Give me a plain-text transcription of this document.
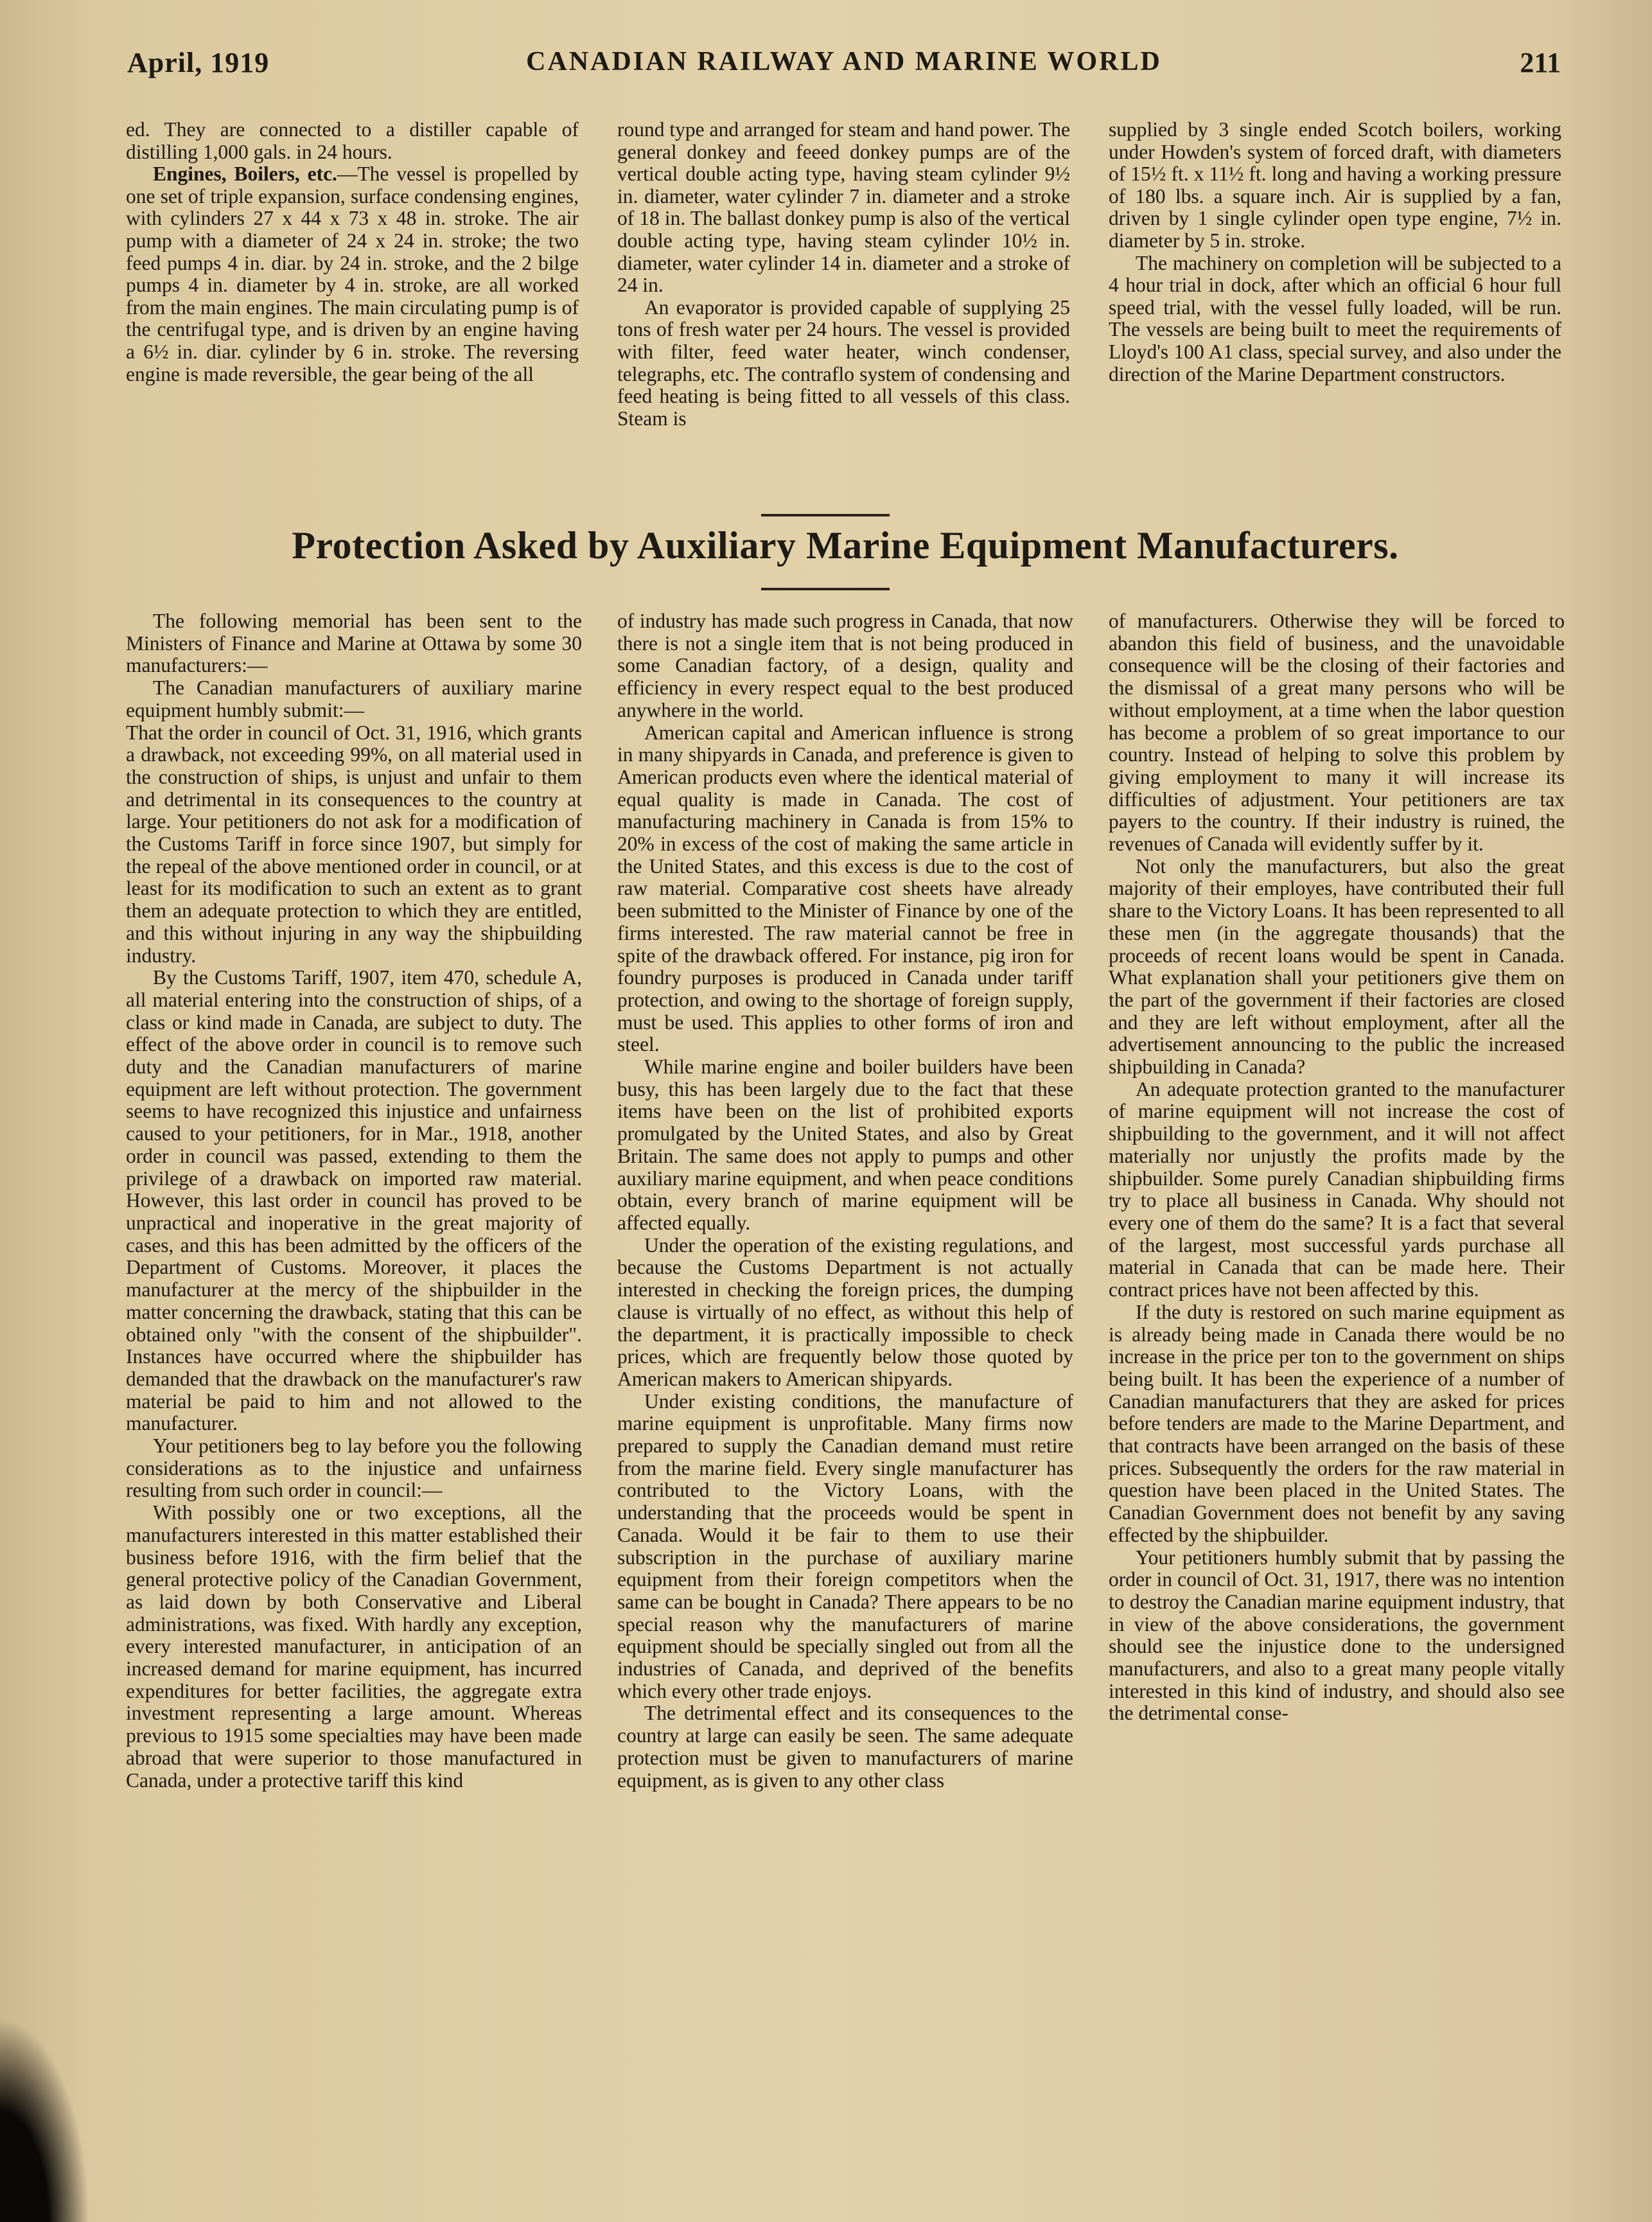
April, 1919	CANADIAN RAILWAY AND MARINE WORLD	211

ed. They are connected to a distiller capable of distilling 1,000 gals. in 24 hours.

Engines, Boilers, etc.—The vessel is propelled by one set of triple expansion, surface condensing engines, with cylinders 27 x 44 x 73 x 48 in. stroke. The air pump with a diameter of 24 x 24 in. stroke; the two feed pumps 4 in. diar. by 24 in. stroke, and the 2 bilge pumps 4 in. diameter by 4 in. stroke, are all worked from the main engines. The main circulating pump is of the centrifugal type, and is driven by an engine having a 6½ in. diar. cylinder by 6 in. stroke. The reversing engine is made reversible, the gear being of the all

round type and arranged for steam and hand power. The general donkey and feeed donkey pumps are of the vertical double acting type, having steam cylinder 9½ in. diameter, water cylinder 7 in. diameter and a stroke of 18 in. The ballast donkey pump is also of the vertical double acting type, having steam cylinder 10½ in. diameter, water cylinder 14 in. diameter and a stroke of 24 in.

An evaporator is provided capable of supplying 25 tons of fresh water per 24 hours. The vessel is provided with filter, feed water heater, winch condenser, telegraphs, etc. The contraflo system of condensing and feed heating is being fitted to all vessels of this class. Steam is

supplied by 3 single ended Scotch boilers, working under Howden's system of forced draft, with diameters of 15½ ft. x 11½ ft. long and having a working pressure of 180 lbs. a square inch. Air is supplied by a fan, driven by 1 single cylinder open type engine, 7½ in. diameter by 5 in. stroke.

The machinery on completion will be subjected to a 4 hour trial in dock, after which an official 6 hour full speed trial, with the vessel fully loaded, will be run. The vessels are being built to meet the requirements of Lloyd's 100 A1 class, special survey, and also under the direction of the Marine Department constructors.

Protection Asked by Auxiliary Marine Equipment Manufacturers.

The following memorial has been sent to the Ministers of Finance and Marine at Ottawa by some 30 manufacturers:—

The Canadian manufacturers of auxiliary marine equipment humbly submit:—

That the order in council of Oct. 31, 1916, which grants a drawback, not exceeding 99%, on all material used in the construction of ships, is unjust and unfair to them and detrimental in its consequences to the country at large. Your petitioners do not ask for a modification of the Customs Tariff in force since 1907, but simply for the repeal of the above mentioned order in council, or at least for its modification to such an extent as to grant them an adequate protection to which they are entitled, and this without injuring in any way the shipbuilding industry.

By the Customs Tariff, 1907, item 470, schedule A, all material entering into the construction of ships, of a class or kind made in Canada, are subject to duty. The effect of the above order in council is to remove such duty and the Canadian manufacturers of marine equipment are left without protection. The government seems to have recognized this injustice and unfairness caused to your petitioners, for in Mar., 1918, another order in council was passed, extending to them the privilege of a drawback on imported raw material. However, this last order in council has proved to be unpractical and inoperative in the great majority of cases, and this has been admitted by the officers of the Department of Customs. Moreover, it places the manufacturer at the mercy of the shipbuilder in the matter concerning the drawback, stating that this can be obtained only "with the consent of the shipbuilder". Instances have occurred where the shipbuilder has demanded that the drawback on the manufacturer's raw material be paid to him and not allowed to the manufacturer.

Your petitioners beg to lay before you the following considerations as to the injustice and unfairness resulting from such order in council:—

With possibly one or two exceptions, all the manufacturers interested in this matter established their business before 1916, with the firm belief that the general protective policy of the Canadian Government, as laid down by both Conservative and Liberal administrations, was fixed. With hardly any exception, every interested manufacturer, in anticipation of an increased demand for marine equipment, has incurred expenditures for better facilities, the aggregate extra investment representing a large amount. Whereas previous to 1915 some specialties may have been made abroad that were superior to those manufactured in Canada, under a protective tariff this kind

of industry has made such progress in Canada, that now there is not a single item that is not being produced in some Canadian factory, of a design, quality and efficiency in every respect equal to the best produced anywhere in the world.

American capital and American influence is strong in many shipyards in Canada, and preference is given to American products even where the identical material of equal quality is made in Canada. The cost of manufacturing machinery in Canada is from 15% to 20% in excess of the cost of making the same article in the United States, and this excess is due to the cost of raw material. Comparative cost sheets have already been submitted to the Minister of Finance by one of the firms interested. The raw material cannot be free in spite of the drawback offered. For instance, pig iron for foundry purposes is produced in Canada under tariff protection, and owing to the shortage of foreign supply, must be used. This applies to other forms of iron and steel.

While marine engine and boiler builders have been busy, this has been largely due to the fact that these items have been on the list of prohibited exports promulgated by the United States, and also by Great Britain. The same does not apply to pumps and other auxiliary marine equipment, and when peace conditions obtain, every branch of marine equipment will be affected equally.

Under the operation of the existing regulations, and because the Customs Department is not actually interested in checking the foreign prices, the dumping clause is virtually of no effect, as without this help of the department, it is practically impossible to check prices, which are frequently below those quoted by American makers to American shipyards.

Under existing conditions, the manufacture of marine equipment is unprofitable. Many firms now prepared to supply the Canadian demand must retire from the marine field. Every single manufacturer has contributed to the Victory Loans, with the understanding that the proceeds would be spent in Canada. Would it be fair to them to use their subscription in the purchase of auxiliary marine equipment from their foreign competitors when the same can be bought in Canada? There appears to be no special reason why the manufacturers of marine equipment should be specially singled out from all the industries of Canada, and deprived of the benefits which every other trade enjoys.

The detrimental effect and its consequences to the country at large can easily be seen. The same adequate protection must be given to manufacturers of marine equipment, as is given to any other class

of manufacturers. Otherwise they will be forced to abandon this field of business, and the unavoidable consequence will be the closing of their factories and the dismissal of a great many persons who will be without employment, at a time when the labor question has become a problem of so great importance to our country. Instead of helping to solve this problem by giving employment to many it will increase its difficulties of adjustment. Your petitioners are tax payers to the country. If their industry is ruined, the revenues of Canada will evidently suffer by it.

Not only the manufacturers, but also the great majority of their employes, have contributed their full share to the Victory Loans. It has been represented to all these men (in the aggregate thousands) that the proceeds of recent loans would be spent in Canada. What explanation shall your petitioners give them on the part of the government if their factories are closed and they are left without employment, after all the advertisement announcing to the public the increased shipbuilding in Canada?

An adequate protection granted to the manufacturer of marine equipment will not increase the cost of shipbuilding to the government, and it will not affect materially nor unjustly the profits made by the shipbuilder. Some purely Canadian shipbuilding firms try to place all business in Canada. Why should not every one of them do the same? It is a fact that several of the largest, most successful yards purchase all material in Canada that can be made here. Their contract prices have not been affected by this.

If the duty is restored on such marine equipment as is already being made in Canada there would be no increase in the price per ton to the government on ships being built. It has been the experience of a number of Canadian manufacturers that they are asked for prices before tenders are made to the Marine Department, and that contracts have been arranged on the basis of these prices. Subsequently the orders for the raw material in question have been placed in the United States. The Canadian Government does not benefit by any saving effected by the shipbuilder.

Your petitioners humbly submit that by passing the order in council of Oct. 31, 1917, there was no intention to destroy the Canadian marine equipment industry, that in view of the above considerations, the government should see the injustice done to the undersigned manufacturers, and also to a great many people vitally interested in this kind of industry, and should also see the detrimental conse-
